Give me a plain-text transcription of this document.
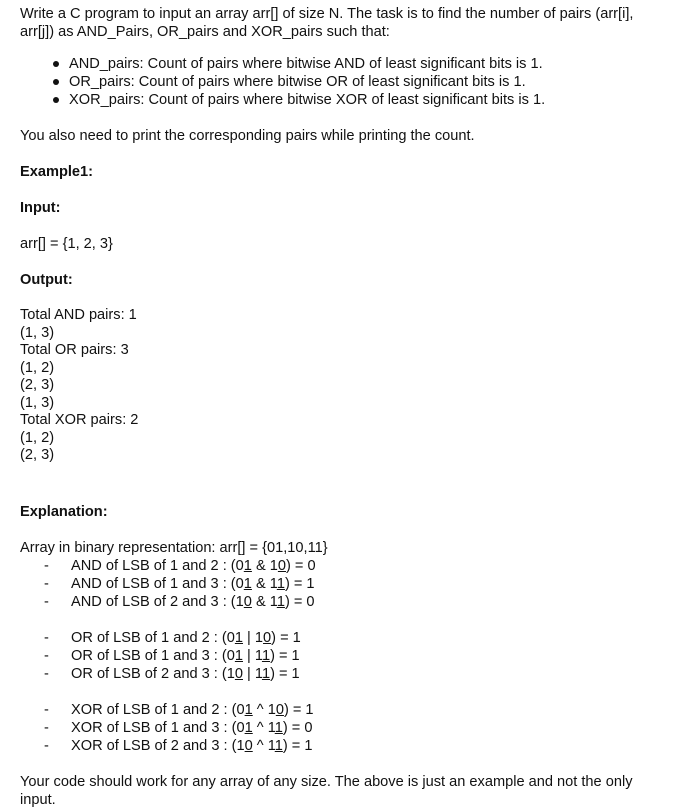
Write a C program to input an array arr[] of size N. The task is to find the number of pairs (arr[i],
arr[j]) as AND_Pairs, OR_pairs and XOR_pairs such that:
AND_pairs: Count of pairs where bitwise AND of least significant bits is 1.
OR_pairs: Count of pairs where bitwise OR of least significant bits is 1.
XOR_pairs: Count of pairs where bitwise XOR of least significant bits is 1.

You also need to print the corresponding pairs while printing the count.

Example1:

Input:

arr[] = {1, 2, 3}

Output:

Total AND pairs: 1
(1, 3)
Total OR pairs: 3
(1, 2)
(2, 3)
(1, 3)
Total XOR pairs: 2
(1, 2)
(2, 3)

Explanation:

Array in binary representation: arr[] = {01,10,11}

- AND of LSB of 1 and 2 : (01 & 10) = 0
- AND of LSB of 1 and 3 : (01 & 11) = 1
- AND of LSB of 2 and 3 : (10 & 11) = 0
- OR of LSB of 1 and 2 : (01 | 10) = 1
- OR of LSB of 1 and 3 : (01 | 11) = 1
- OR of LSB of 2 and 3 : (10 | 11) = 1
- XOR of LSB of 1 and 2 : (01 ^ 10) = 1
- XOR of LSB of 1 and 3 : (01 ^ 11) = 0
- XOR of LSB of 2 and 3 : (10 ^ 11) = 1
Your code should work for any array of any size. The above is just an example and not the only
input.
